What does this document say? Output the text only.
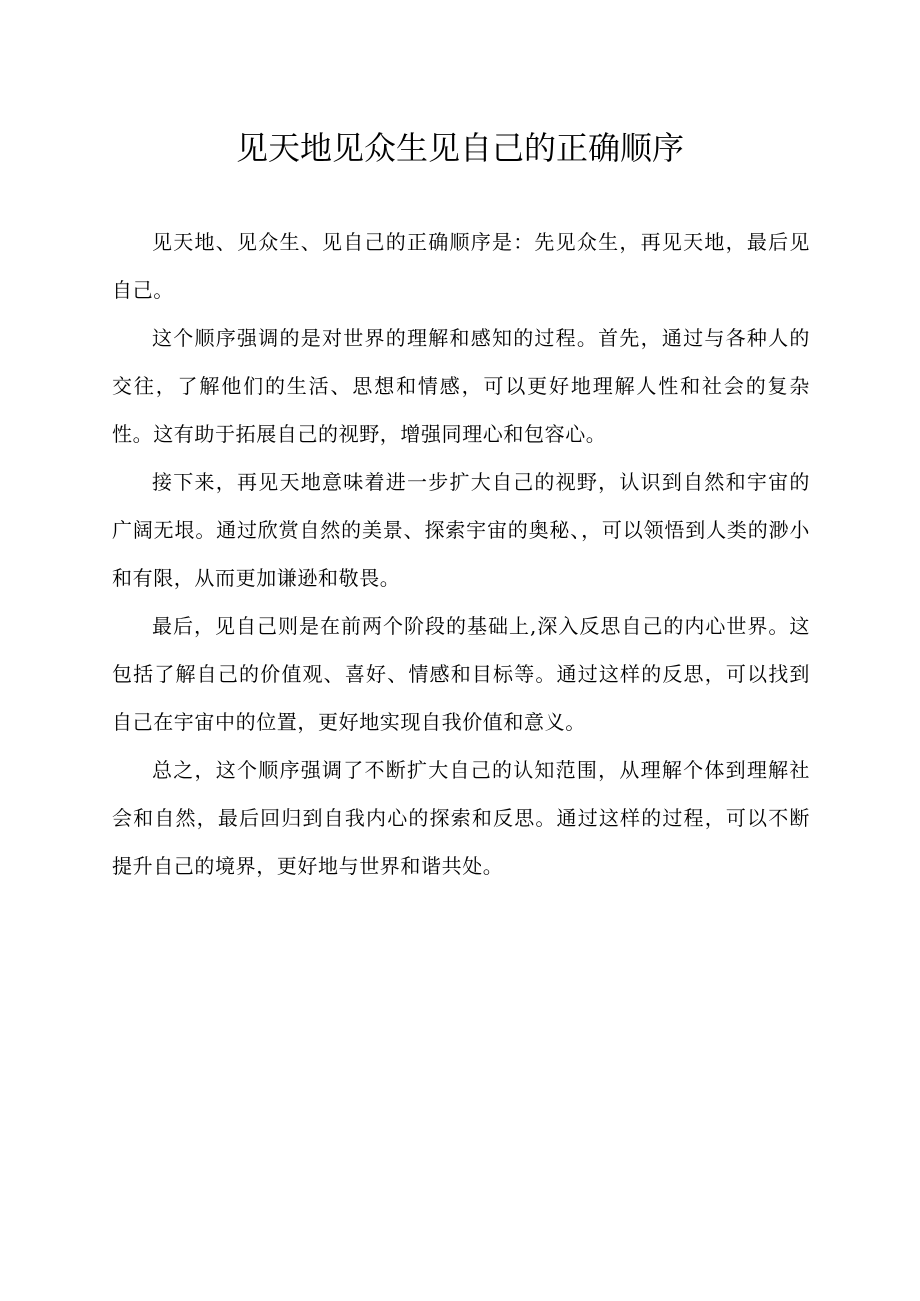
见天地见众生见自己的正确顺序

见天地、见众生、见自己的正确顺序是：先见众生，再见天地，最后见自己。

这个顺序强调的是对世界的理解和感知的过程。首先，通过与各种人的交往，了解他们的生活、思想和情感，可以更好地理解人性和社会的复杂性。这有助于拓展自己的视野，增强同理心和包容心。

接下来，再见天地意味着进一步扩大自己的视野，认识到自然和宇宙的广阔无垠。通过欣赏自然的美景、探索宇宙的奥秘、，可以领悟到人类的渺小和有限，从而更加谦逊和敬畏。

最后，见自己则是在前两个阶段的基础上,深入反思自己的内心世界。这包括了解自己的价值观、喜好、情感和目标等。通过这样的反思，可以找到自己在宇宙中的位置，更好地实现自我价值和意义。

总之，这个顺序强调了不断扩大自己的认知范围，从理解个体到理解社会和自然，最后回归到自我内心的探索和反思。通过这样的过程，可以不断提升自己的境界，更好地与世界和谐共处。
